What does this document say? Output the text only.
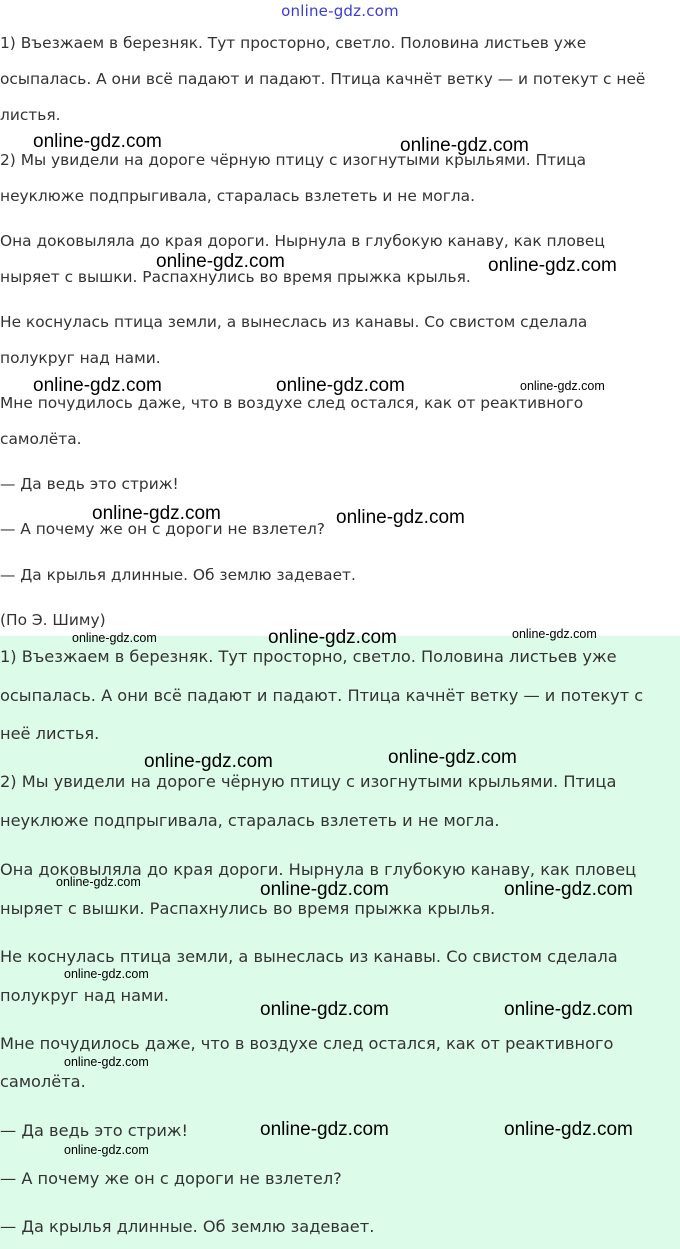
1) Въезжаем в березняк. Тут просторно, светло. Половина листьев уже
осыпалась. А они всё падают и падают. Птица качнёт ветку — и потекут с неё
листья.
2) Мы увидели на дороге чёрную птицу с изогнутыми крыльями. Птица
неуклюже подпрыгивала, старалась взлететь и не могла.
Она доковыляла до края дороги. Нырнула в глубокую канаву, как пловец
ныряет с вышки. Распахнулись во время прыжка крылья.
Не коснулась птица земли, а вынеслась из канавы. Со свистом сделала
полукруг над нами.
Мне почудилось даже, что в воздухе след остался, как от реактивного
самолёта.
— Да ведь это стриж!
— А почему же он с дороги не взлетел?
— Да крылья длинные. Об землю задевает.
(По Э. Шиму)
1) Въезжаем в березняк. Тут просторно, светло. Половина листьев уже
осыпалась. А они всё падают и падают. Птица качнёт ветку — и потекут с
неё листья.
2) Мы увидели на дороге чёрную птицу с изогнутыми крыльями. Птица
неуклюже подпрыгивала, старалась взлететь и не могла.
Она доковыляла до края дороги. Нырнула в глубокую канаву, как пловец
ныряет с вышки. Распахнулись во время прыжка крылья.
Не коснулась птица земли, а вынеслась из канавы. Со свистом сделала
полукруг над нами.
Мне почудилось даже, что в воздухе след остался, как от реактивного
самолёта.
— Да ведь это стриж!
— А почему же он с дороги не взлетел?
— Да крылья длинные. Об землю задевает.
online-gdz.com
online-gdz.com	online-gdz.com
online-gdz.com	online-gdz.com
online-gdz.com	online-gdz.com	online-gdz.com
online-gdz.com	online-gdz.com
online-gdz.com	online-gdz.com	online-gdz.com
online-gdz.com	online-gdz.com
online-gdz.com	online-gdz.com	online-gdz.com
online-gdz.com
online-gdz.com	online-gdz.com
online-gdz.com
online-gdz.com	online-gdz.com
online-gdz.com
